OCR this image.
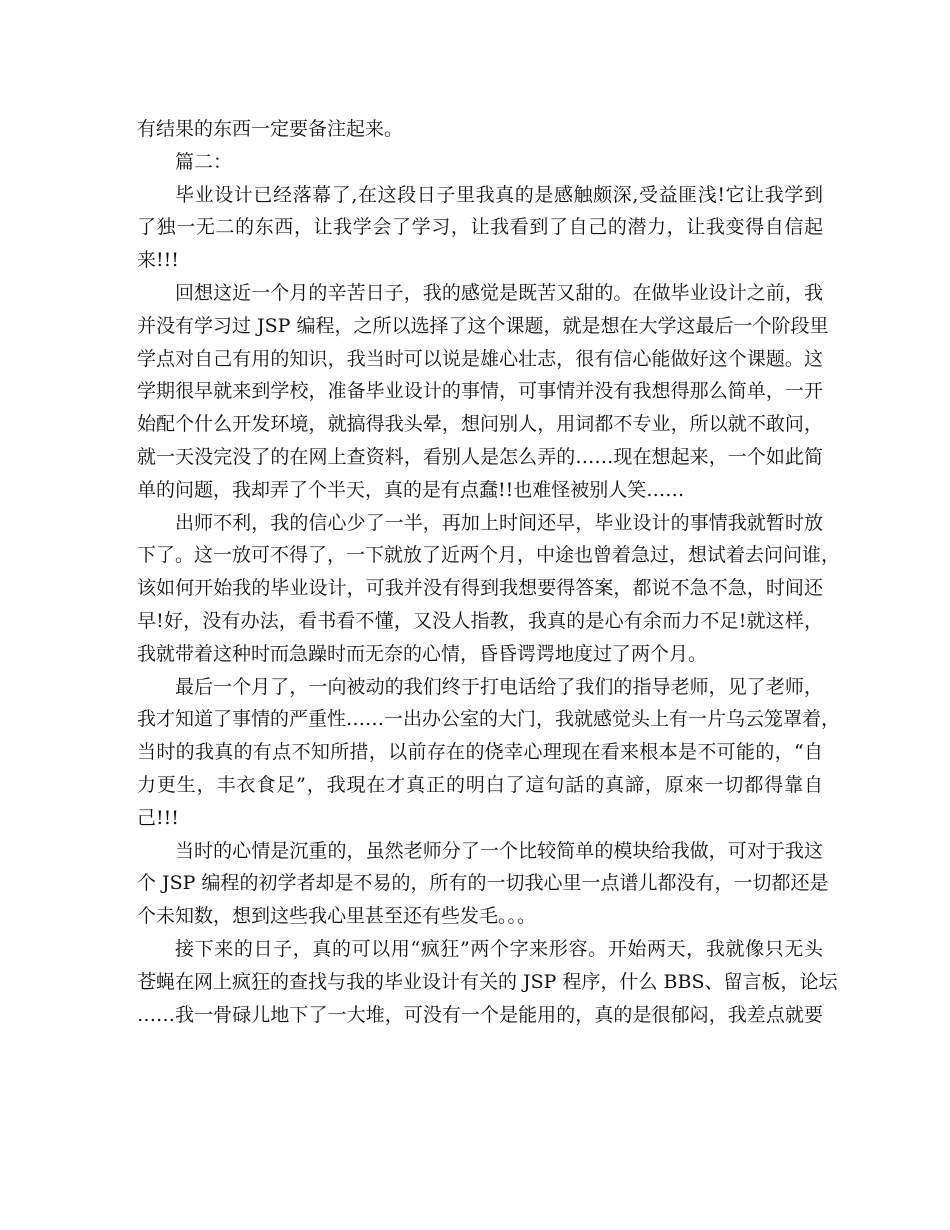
有结果的东西一定要备注起来。
篇二：
毕业设计已经落幕了,在这段日子里我真的是感触颇深,受益匪浅!它让我学到
了独一无二的东西，让我学会了学习，让我看到了自己的潜力，让我变得自信起
来!!!
回想这近一个月的辛苦日子，我的感觉是既苦又甜的。在做毕业设计之前，我
并没有学习过 JSP 编程，之所以选择了这个课题，就是想在大学这最后一个阶段里
学点对自己有用的知识，我当时可以说是雄心壮志，很有信心能做好这个课题。这
学期很早就来到学校，准备毕业设计的事情，可事情并没有我想得那么简单，一开
始配个什么开发环境，就搞得我头晕，想问别人，用词都不专业，所以就不敢问，
就一天没完没了的在网上查资料，看别人是怎么弄的……现在想起来，一个如此简
单的问题，我却弄了个半天，真的是有点蠢!!也难怪被别人笑……
出师不利，我的信心少了一半，再加上时间还早，毕业设计的事情我就暂时放
下了。这一放可不得了，一下就放了近两个月，中途也曾着急过，想试着去问问谁，
该如何开始我的毕业设计，可我并没有得到我想要得答案，都说不急不急，时间还
早!好，没有办法，看书看不懂，又没人指教，我真的是心有余而力不足!就这样，
我就带着这种时而急躁时而无奈的心情，昏昏谔谔地度过了两个月。
最后一个月了，一向被动的我们终于打电话给了我们的指导老师，见了老师，
我才知道了事情的严重性……一出办公室的大门，我就感觉头上有一片乌云笼罩着，
当时的我真的有点不知所措，以前存在的侥幸心理现在看来根本是不可能的，“自
力更生，丰衣食足”，我現在才真正的明白了這句話的真諦，原來一切都得靠自
己!!!
当时的心情是沉重的，虽然老师分了一个比较简单的模块给我做，可对于我这
个 JSP 编程的初学者却是不易的，所有的一切我心里一点谱儿都没有，一切都还是
个未知数，想到这些我心里甚至还有些发毛。。。
接下来的日子，真的可以用“疯狂”两个字来形容。开始两天，我就像只无头
苍蝇在网上疯狂的查找与我的毕业设计有关的 JSP 程序，什么 BBS、留言板，论坛
……我一骨碌儿地下了一大堆，可没有一个是能用的，真的是很郁闷，我差点就要
